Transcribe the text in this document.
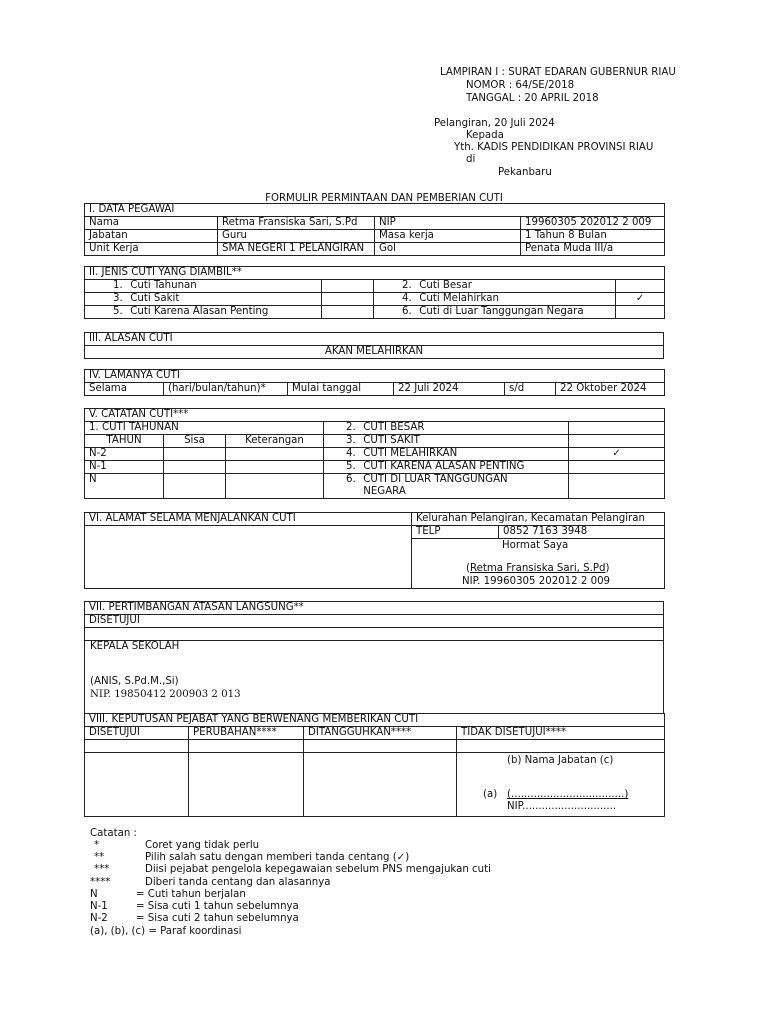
LAMPIRAN I : SURAT EDARAN GUBERNUR RIAU
NOMOR : 64/SE/2018
TANGGAL : 20 APRIL 2018
Pelangiran, 20 Juli 2024
Kepada
Yth. KADIS PENDIDIKAN PROVINSI RIAU
di
Pekanbaru
FORMULIR PERMINTAAN DAN PEMBERIAN CUTI
I. DATA PEGAWAI			
Nama	Retma Fransiska Sari, S.Pd	NIP	19960305 202012 2 009
Jabatan	Guru	Masa kerja	1 Tahun 8 Bulan
Unit Kerja	SMA NEGERI 1 PELANGIRAN	Gol	Penata Muda III/a
II. JENIS CUTI YANG DIAMBIL**			
1. Cuti Tahunan		2. Cuti Besar	
3. Cuti Sakit		4. Cuti Melahirkan	✓
5. Cuti Karena Alasan Penting		6. Cuti di Luar Tanggungan Negara	
III. ALASAN CUTI
AKAN MELAHIRKAN
IV. LAMANYA CUTI
Selama	(hari/bulan/tahun)*	Mulai tanggal	22 Juli 2024	s/d	22 Oktober 2024
V. CATATAN CUTI***				
1. CUTI TAHUNAN			2. CUTI BESAR	
TAHUN	Sisa	Keterangan	3. CUTI SAKIT	
N-2			4. CUTI MELAHIRKAN	✓
N-1			5. CUTI KARENA ALASAN PENTING	
N			6. CUTI DI LUAR TANGGUNGAN
NEGARA	
VI. ALAMAT SELAMA MENJALANKAN CUTI	Kelurahan Pelangiran, Kecamatan Pelangiran	
	TELP	0852 7163 3948

	Hormat Saya
(Retma Fransiska Sari, S.Pd)
NIP. 19960305 202012 2 009	
VII. PERTIMBANGAN ATASAN LANGSUNG**
DISETUJUI

KEPALA SEKOLAH
(ANIS, S.Pd.M.,Si)
NIP. 19850412 200903 2 013
VIII. KEPUTUSAN PEJABAT YANG BERWENANG MEMBERIKAN CUTI			
DISETUJUI	PERUBAHAN****	DITANGGUHKAN****	TIDAK DISETUJUI****

			(b) Nama Jabatan (c)
(a) (...................................)
NIP.............................
Catatan :
*	Coret yang tidak perlu
**	Pilih salah satu dengan memberi tanda centang (✓)
***	Diisi pejabat pengelola kepegawaian sebelum PNS mengajukan cuti
****	Diberi tanda centang dan alasannya
N	= Cuti tahun berjalan
N-1	= Sisa cuti 1 tahun sebelumnya
N-2	= Sisa cuti 2 tahun sebelumnya
(a), (b), (c) = Paraf koordinasi
